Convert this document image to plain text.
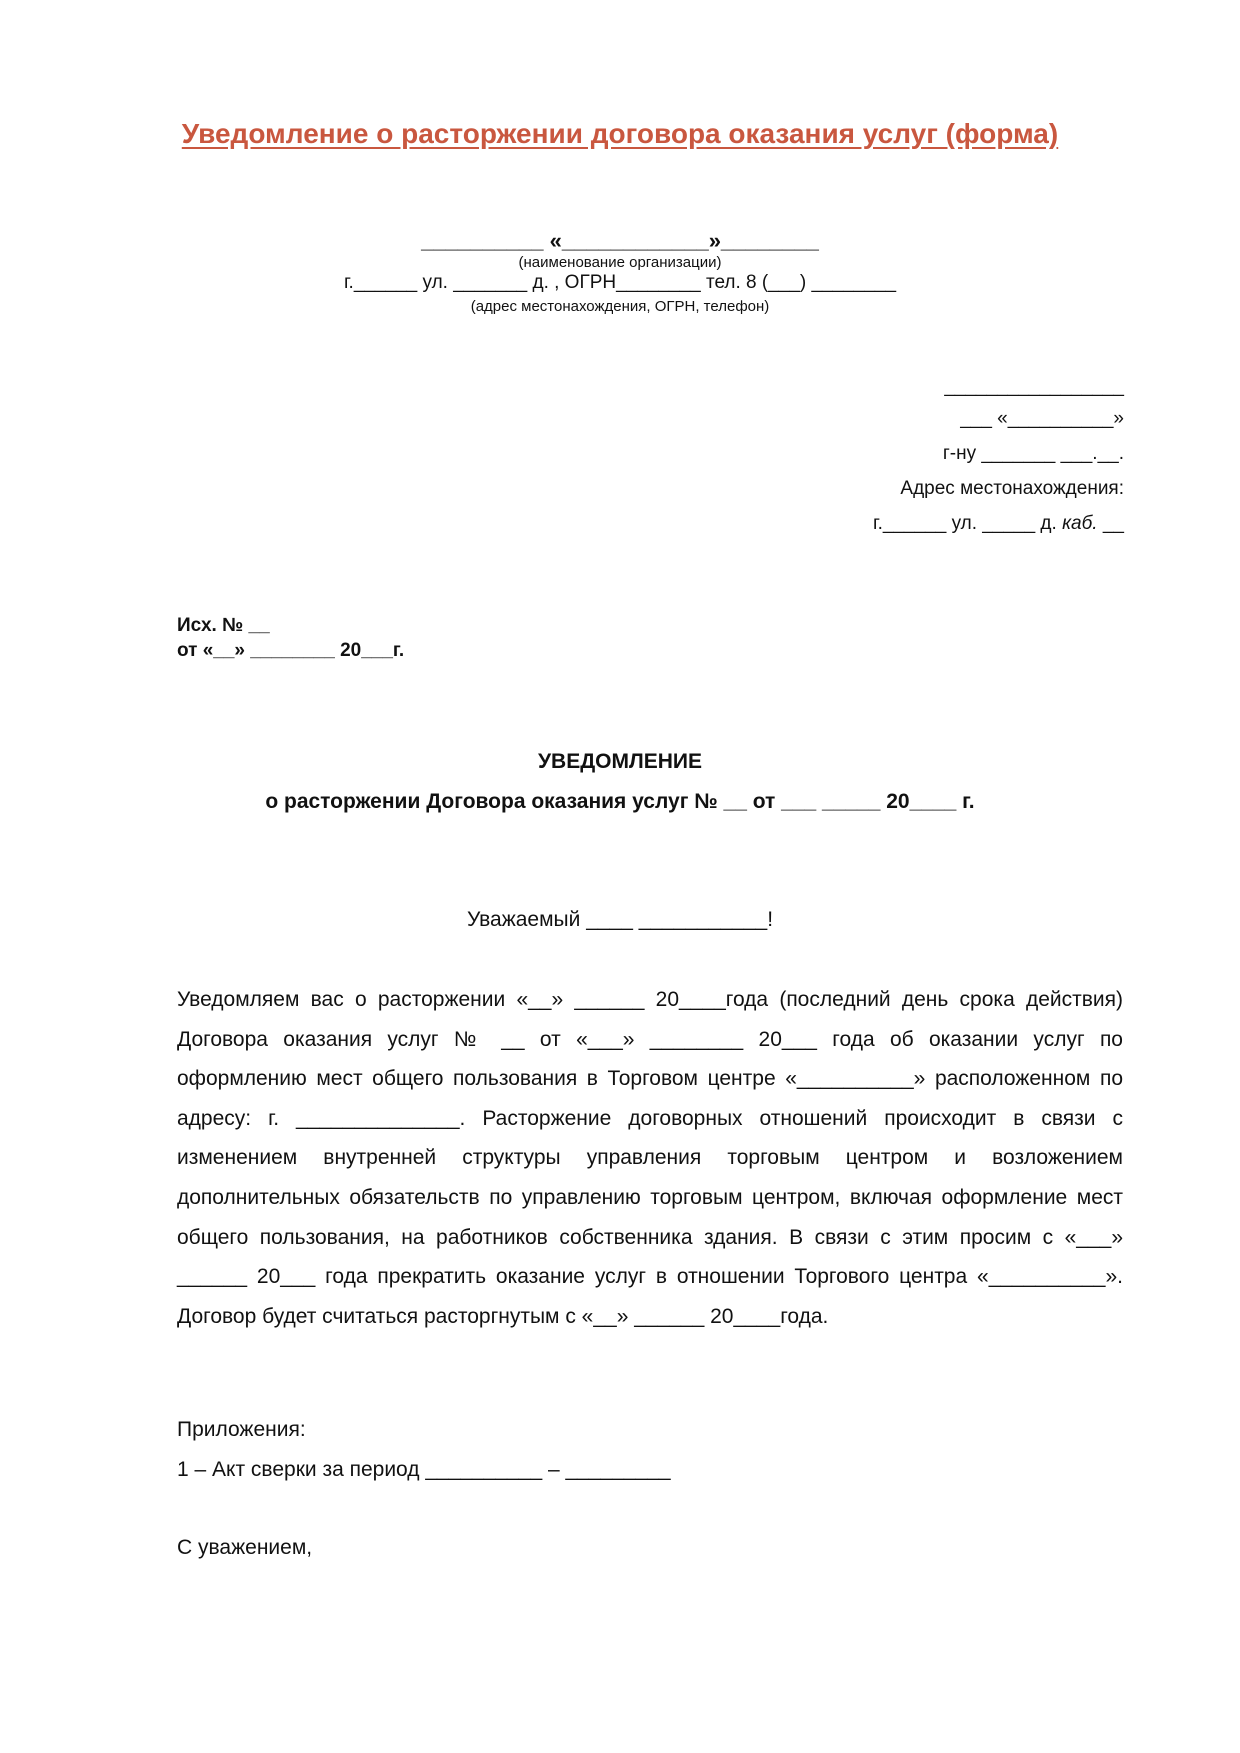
Уведомление о расторжении договора оказания услуг (форма)
__________ «____________»________
(наименование организации)
г.______ ул. _______ д. , ОГРН________ тел. 8 (___) ________
(адрес местонахождения, ОГРН, телефон)
_________________
___ «__________»
г-ну _______ ___.__.
Адрес местонахождения:
г.______ ул. _____ д. каб. __
Исх. № __
от «__» ________ 20___г.
УВЕДОМЛЕНИЕ
о расторжении Договора оказания услуг № __ от ___ _____ 20____ г.
Уважаемый ____ ___________!
Уведомляем вас о расторжении «__» ______ 20____года (последний день срока действия) Договора оказания услуг № __ от «___» ________ 20___ года об оказании услуг по оформлению мест общего пользования в Торговом центре «__________» расположенном по адресу: г. ______________. Расторжение договорных отношений происходит в связи с изменением внутренней структуры управления торговым центром и возложением дополнительных обязательств по управлению торговым центром, включая оформление мест общего пользования, на работников собственника здания. В связи с этим просим с «___» ______ 20___ года прекратить оказание услуг в отношении Торгового центра «__________». Договор будет считаться расторгнутым с «__» ______ 20____года.
Приложения:
1 – Акт сверки за период __________ – _________
С уважением,
